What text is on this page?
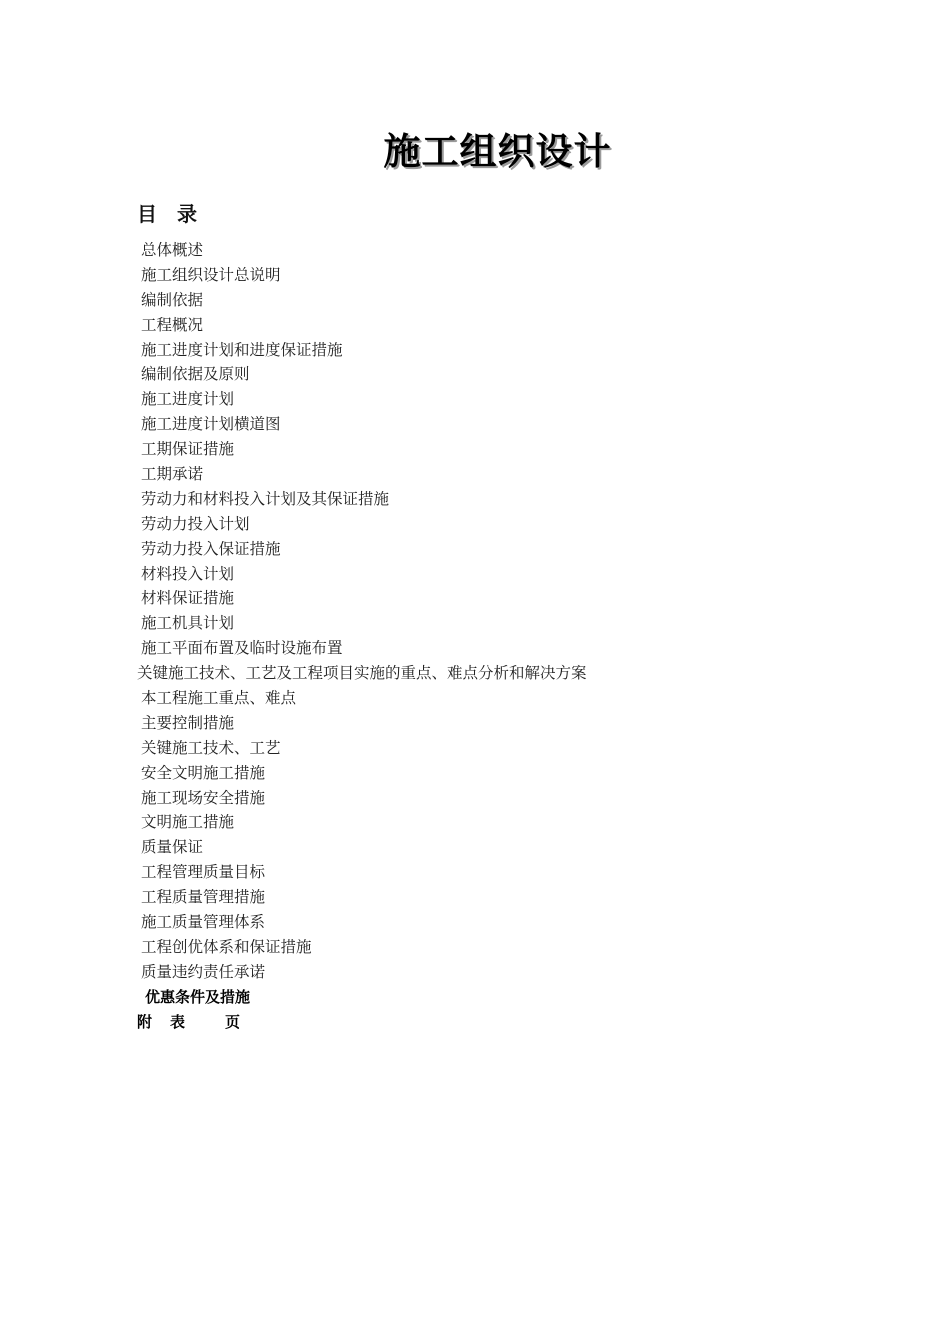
施工组织设计
目　录
总体概述
施工组织设计总说明
编制依据
工程概况
施工进度计划和进度保证措施
编制依据及原则
施工进度计划
施工进度计划横道图
工期保证措施
工期承诺
劳动力和材料投入计划及其保证措施
劳动力投入计划
劳动力投入保证措施
材料投入计划
材料保证措施
施工机具计划
施工平面布置及临时设施布置
关键施工技术、工艺及工程项目实施的重点、难点分析和解决方案
本工程施工重点、难点
主要控制措施
关键施工技术、工艺
安全文明施工措施
施工现场安全措施
文明施工措施
质量保证
工程管理质量目标
工程质量管理措施
施工质量管理体系
工程创优体系和保证措施
质量违约责任承诺
优惠条件及措施
附 表	页
